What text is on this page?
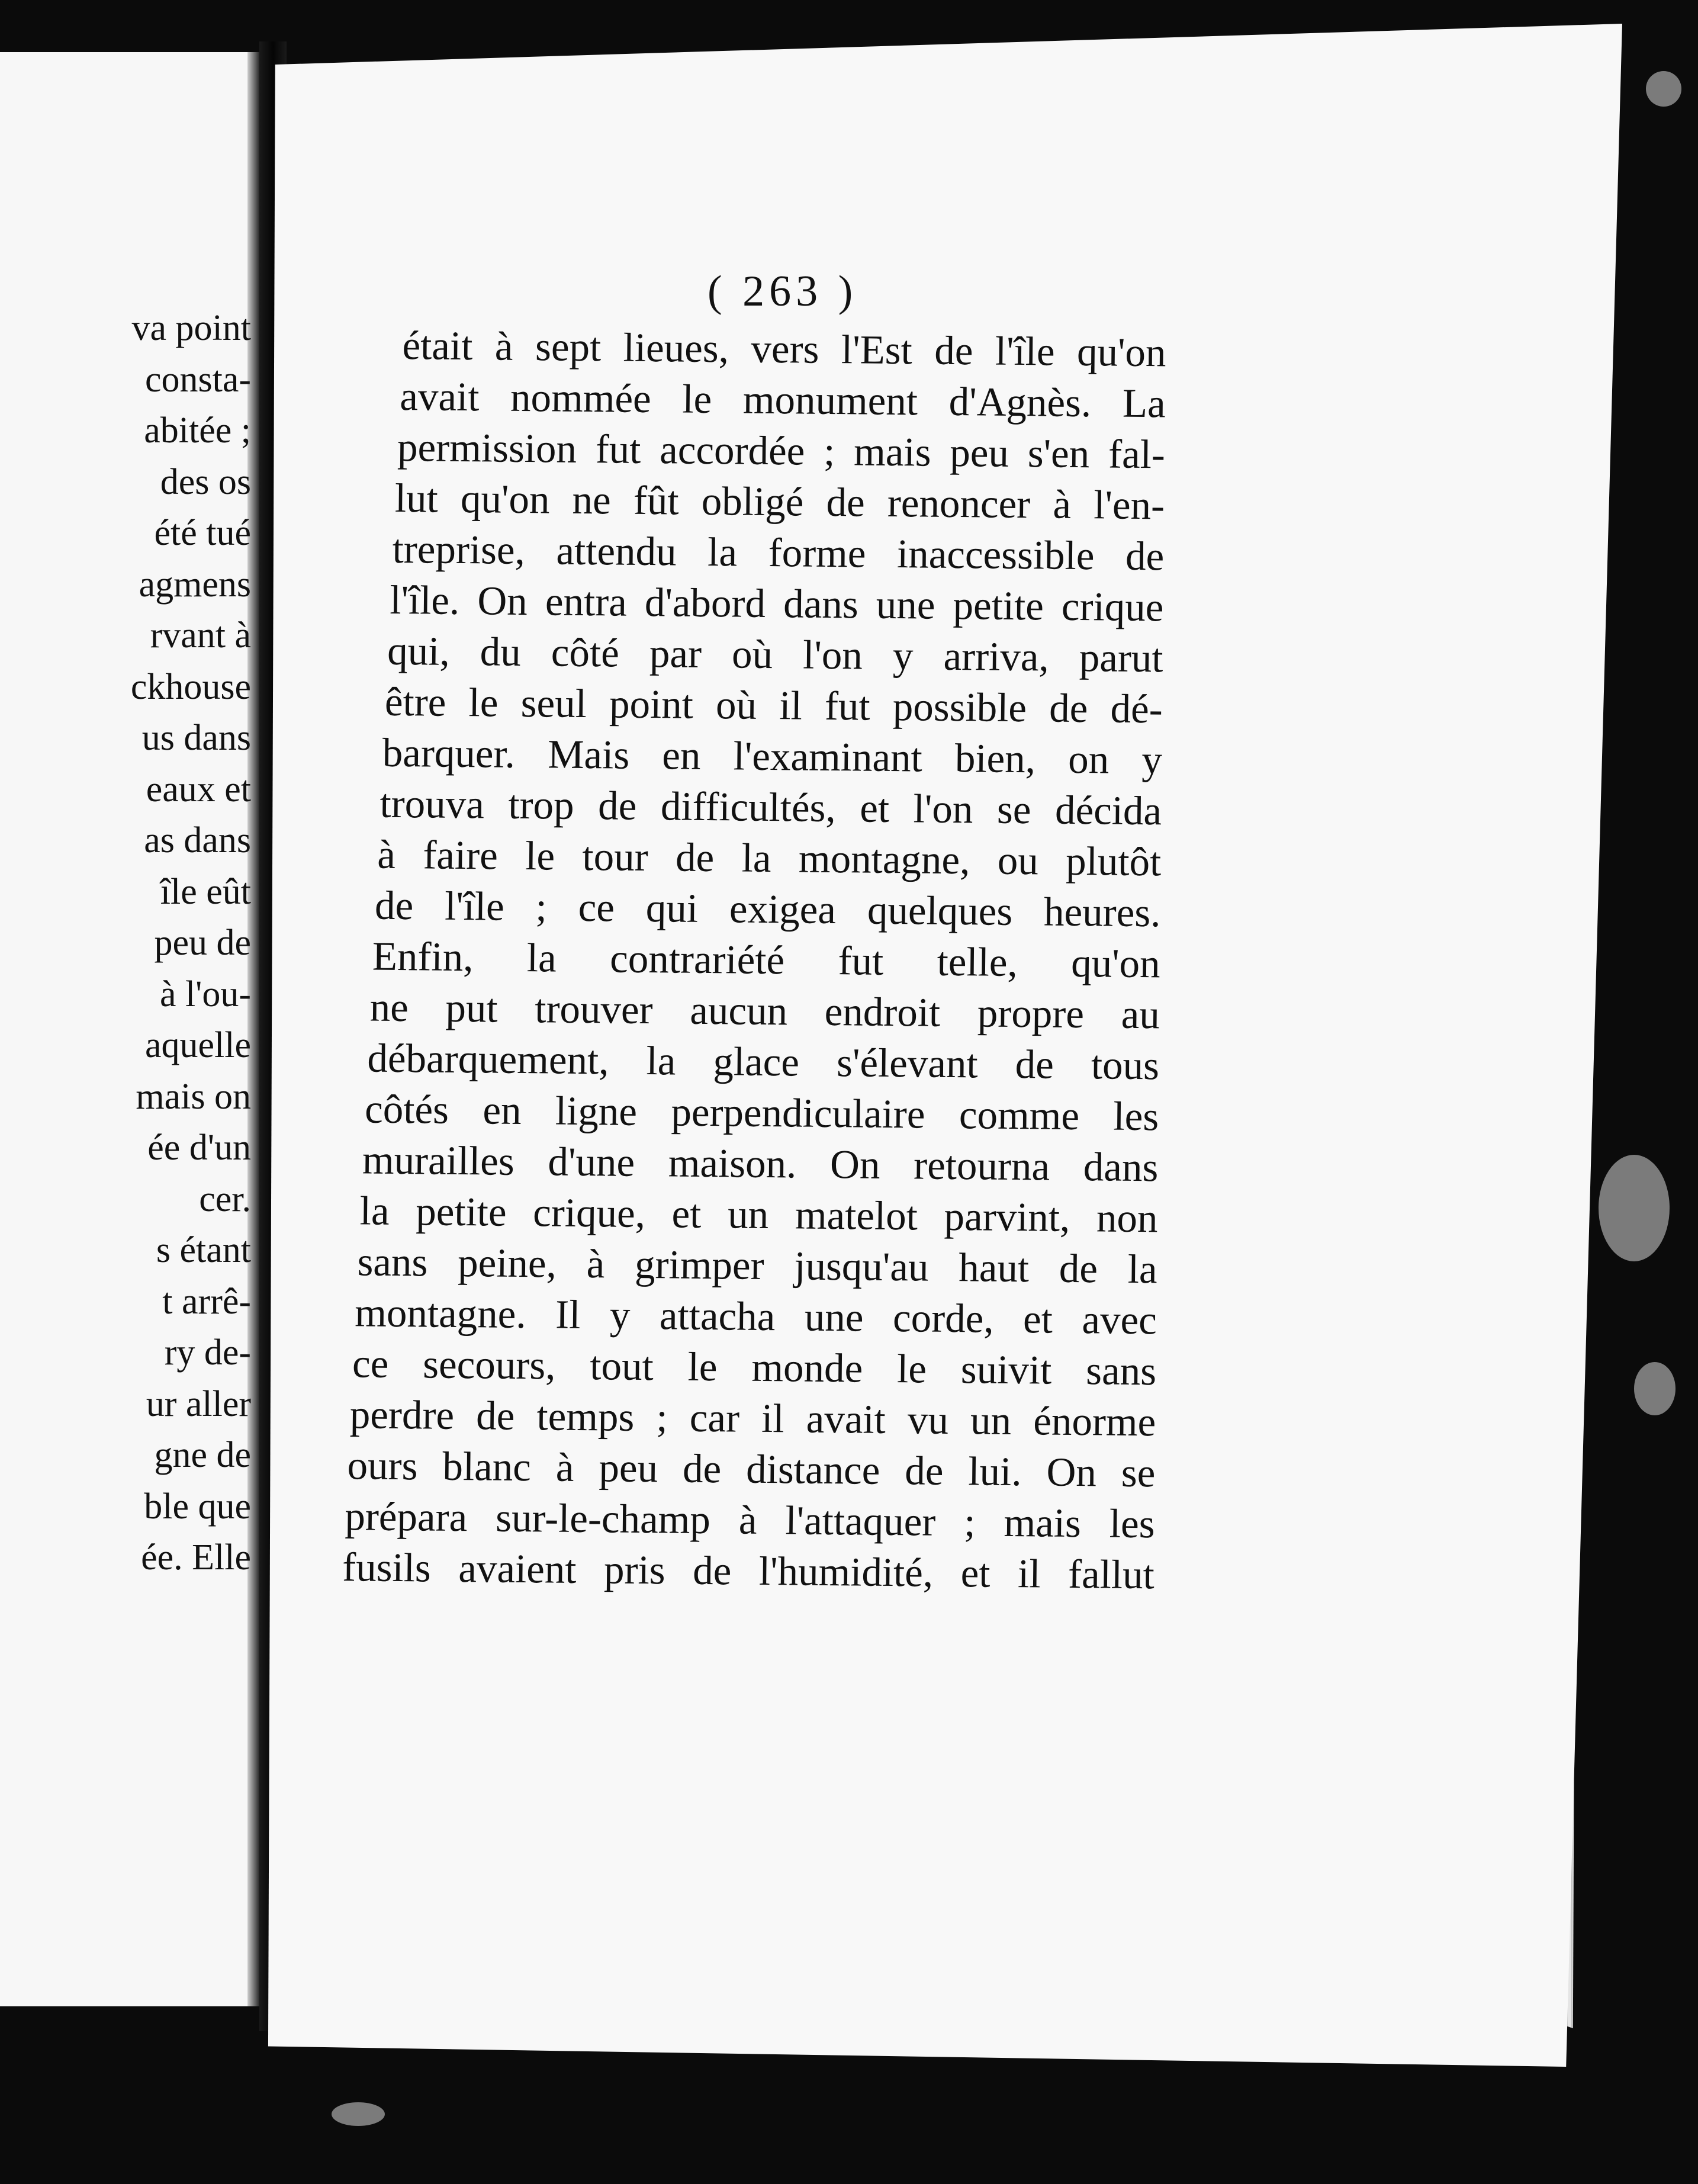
va point
consta-
abitée ;
des os
été tué
agmens
rvant à
ckhouse
us dans
eaux et
as dans
île eût
peu de
à l'ou-
aquelle
mais on
ée d'un
cer.
s étant
t arrê-
ry de-
ur aller
gne de
ble que
ée. Elle
( 263 )
était à sept lieues, vers l'Est de l'île qu'on
avait nommée le monument d'Agnès. La
permission fut accordée ; mais peu s'en fal-
lut qu'on ne fût obligé de renoncer à l'en-
treprise, attendu la forme inaccessible de
l'île. On entra d'abord dans une petite crique
qui, du côté par où l'on y arriva, parut
être le seul point où il fut possible de dé-
barquer. Mais en l'examinant bien, on y
trouva trop de difficultés, et l'on se décida
à faire le tour de la montagne, ou plutôt
de l'île ; ce qui exigea quelques heures.
Enfin, la contrariété fut telle, qu'on
ne put trouver aucun endroit propre au
débarquement, la glace s'élevant de tous
côtés en ligne perpendiculaire comme les
murailles d'une maison. On retourna dans
la petite crique, et un matelot parvint, non
sans peine, à grimper jusqu'au haut de la
montagne. Il y attacha une corde, et avec
ce secours, tout le monde le suivit sans
perdre de temps ; car il avait vu un énorme
ours blanc à peu de distance de lui. On se
prépara sur-le-champ à l'attaquer ; mais les
fusils avaient pris de l'humidité, et il fallut
